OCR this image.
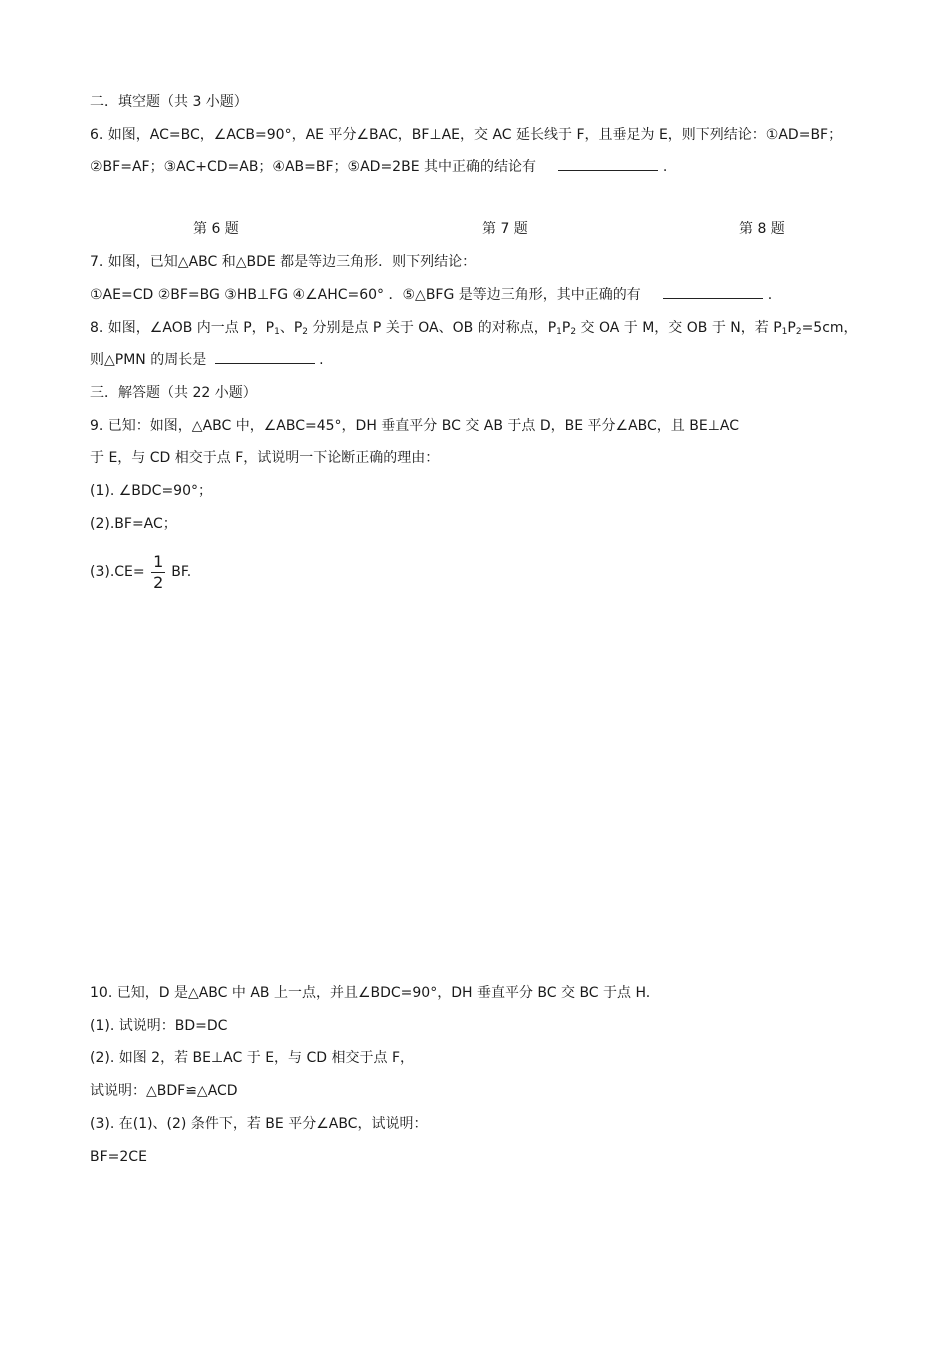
二．填空题（共 3 小题）
6. 如图，AC=BC，∠ACB=90°，AE 平分∠BAC，BF⊥AE，交 AC 延长线于 F，且垂足为 E，则下列结论：①AD=BF；
②BF=AF；③AC+CD=AB；④AB=BF；⑤AD=2BE 其中正确的结论有	.
第 6 题	第 7 题	第 8 题
7. 如图，已知△ABC 和△BDE 都是等边三角形．则下列结论：
①AE=CD ②BF=BG ③HB⊥FG ④∠AHC=60° ．⑤△BFG 是等边三角形，其中正确的有	.
8. 如图，∠AOB 内一点 P，$P_1$、$P_2$ 分别是点 P 关于 OA、OB 的对称点，$P_1P_2$ 交 OA 于 M，交 OB 于 N，若 $P_1P_2=5cm$，
则△PMN 的周长是	.
三．解答题（共 22 小题）
9. 已知：如图，△ABC 中，∠ABC=45°，DH 垂直平分 BC 交 AB 于点 D，BE 平分∠ABC，且 BE⊥AC
于 E，与 CD 相交于点 F，试说明一下论断正确的理由：
(1). ∠BDC=90°；
(2).BF=AC；
$(3).CE= \frac{1}{2}$ BF.
10. 已知，D 是△ABC 中 AB 上一点，并且∠BDC=90°，DH 垂直平分 BC 交 BC 于点 H.
(1). 试说明：BD=DC
(2). 如图 2，若 BE⊥AC 于 E，与 CD 相交于点 F，
试说明：△BDF≌△ACD
(3). 在(1)、(2) 条件下，若 BE 平分∠ABC，试说明：
BF=2CE
